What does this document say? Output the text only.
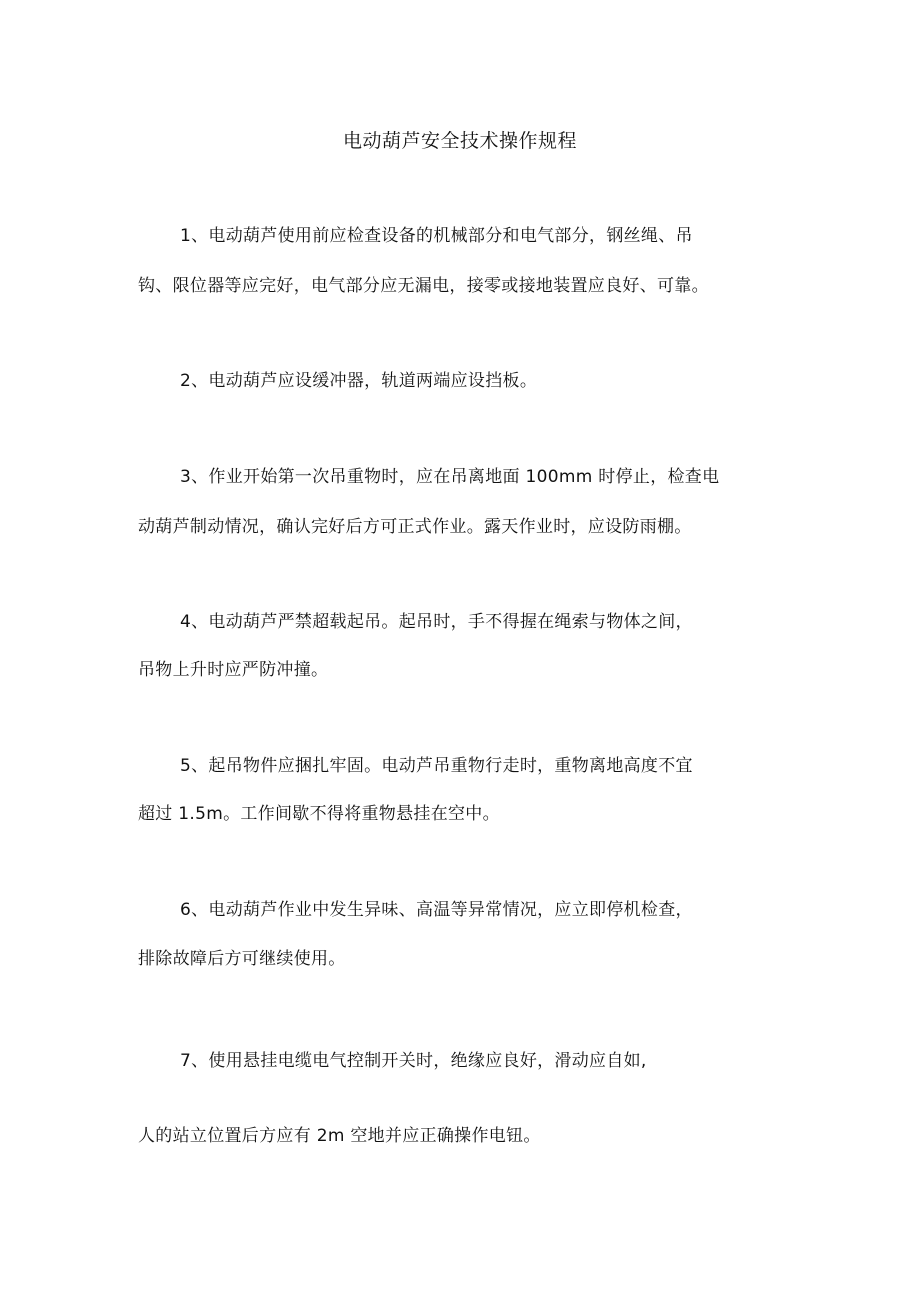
电动葫芦安全技术操作规程
1、电动葫芦使用前应检查设备的机械部分和电气部分，钢丝绳、吊
钩、限位器等应完好，电气部分应无漏电，接零或接地装置应良好、可靠。
2、电动葫芦应设缓冲器，轨道两端应设挡板。
3、作业开始第一次吊重物时，应在吊离地面 100mm 时停止，检查电
动葫芦制动情况，确认完好后方可正式作业。露天作业时，应设防雨棚。
4、电动葫芦严禁超载起吊。起吊时，手不得握在绳索与物体之间，
吊物上升时应严防冲撞。
5、起吊物件应捆扎牢固。电动芦吊重物行走时，重物离地高度不宜
超过 1.5m。工作间歇不得将重物悬挂在空中。
6、电动葫芦作业中发生异味、高温等异常情况，应立即停机检查，
排除故障后方可继续使用。
7、使用悬挂电缆电气控制开关时，绝缘应良好，滑动应自如,
人的站立位置后方应有 2m 空地并应正确操作电钮。
